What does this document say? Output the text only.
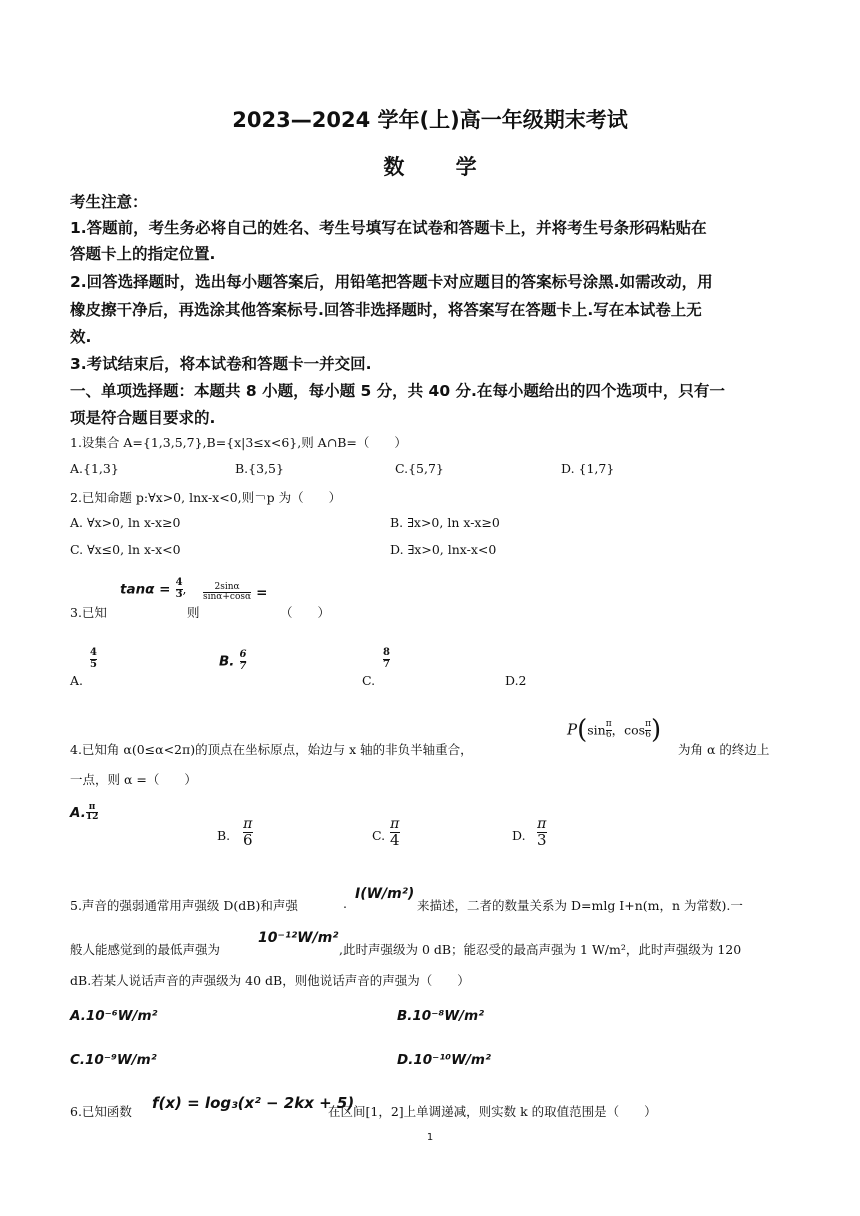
2023—2024 学年(上)高一年级期末考试
数 学
考生注意：
1.答题前，考生务必将自己的姓名、考生号填写在试卷和答题卡上，并将考生号条形码粘贴在
答题卡上的指定位置.
2.回答选择题时，选出每小题答案后，用铅笔把答题卡对应题目的答案标号涂黑.如需改动，用
橡皮擦干净后，再选涂其他答案标号.回答非选择题时，将答案写在答题卡上.写在本试卷上无
效.
3.考试结束后，将本试卷和答题卡一并交回.
一、单项选择题：本题共 8 小题，每小题 5 分，共 40 分.在每小题给出的四个选项中，只有一
项是符合题目要求的.
1.设集合 A={1,3,5,7},B={x|3≤x<6},则 A∩B=（　　）
A.{1,3}	B.{3,5}	C.{5,7}	D. {1,7}
2.已知命题 p:∀x>0, lnx-x<0,则￢p 为（　　）
A. ∀x>0, ln x-x≥0	B. ∃x>0, ln x-x≥0
C. ∀x≤0, ln x-x<0	D. ∃x>0, lnx-x<0
3.已知
$\tan\alpha = \frac{4}{3}$ ,
则
$\frac{2\sin\alpha}{\sin\alpha+\cos\alpha}$ =
（　　）
A.
$\frac{4}{5}$	B. $\frac{6}{7}$
C.
$\frac{8}{7}$
D.2
4.已知角 α(0≤α<2π)的顶点在坐标原点，始边与 x 轴的非负半轴重合，
$P(\sin \frac{\pi}{6}$ ，$\cos \frac{\pi}{6}$ )
为角 α 的终边上
一点，则 α =（　　）
A. $\frac{\pi}{12}$
B. $\frac{\pi}{6}$	C. $\frac{\pi}{4}$	D. $\frac{\pi}{3}$
5.声音的强弱通常用声强级 D(dB)和声强	.
I(W/m²)
来描述，二者的数量关系为 D=mlg I+n(m，n 为常数).一
般人能感觉到的最低声强为
10⁻¹²W/m²
,此时声强级为 0 dB；能忍受的最高声强为 1 W/m²，此时声强级为 120
dB.若某人说话声音的声强级为 40 dB，则他说话声音的声强为（　　）
A.10⁻⁶W/m²	B.10⁻⁸W/m²
C.10⁻⁹W/m²	D.10⁻¹⁰W/m²
6.已知函数 f(x) = log₃(x² − 2kx + 5)
在区间[1，2]上单调递减，则实数 k 的取值范围是（　　）
1
